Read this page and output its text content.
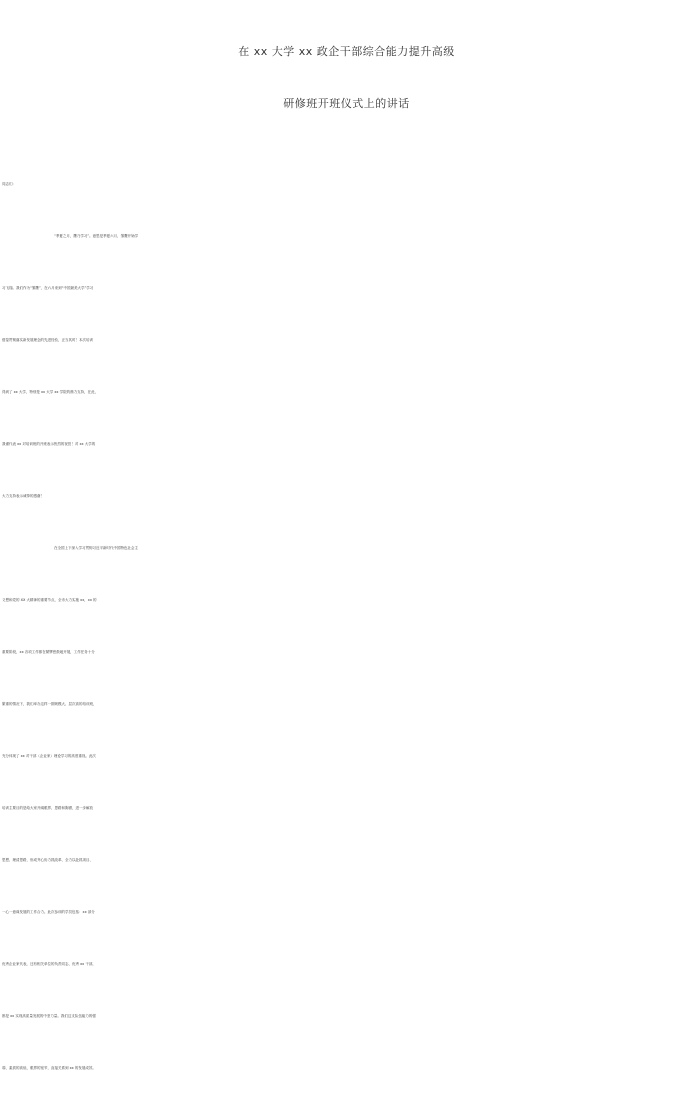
在 xx 大学 xx 政企干部综合能力提升高级
研修班开班仪式上的讲话
同志们：
“季夏之月，鹰乃学习”。意思是季夏六月，雏鹰开始学
习飞翔。我们作为“雏鹰”，在六月来到“中国最美大学”学习
借鉴贯彻落实新发展理念的先进经验，正当其时！本次培训
得到了 xx 大学，特别是 xx 大学 xx 学院的鼎力支持，在此，
我谨代表 xx 对培训班的开班表示热烈的祝贺！对 xx 大学的
大力支持表示诚挚的感谢！
在全国上下深入学习贯彻习近平新时代中国特色社会主
义想和党的 XX 大精神的重要节点，全市大力实施 xx，xx 的
重要阶段，xx 各项工作都在紧锣密鼓地开展，工作任务十分
繁重的情况下，我们举办这样一期规模大、层次高的培训班，
充分体现了 xx 对干部（企业家）理论学习的高度重视。此次
培训主要目的是给大家开阔眼界、思路和胸襟，进一步解放
思想、理清思路，形成齐心协力抓改革、全力以赴抓项目、
一心一意谋发展的工作合力。此次参训的学员包括：xx 部分
优秀企业家代表，还有相关单位的负责同志、优秀 xx 干部，
都是 xx 实现高质量发展的中坚力量。我们这支队伍能力的强
弱、素质的高低、眼界的宽窄，直接关系到 xx 的发展成效。
